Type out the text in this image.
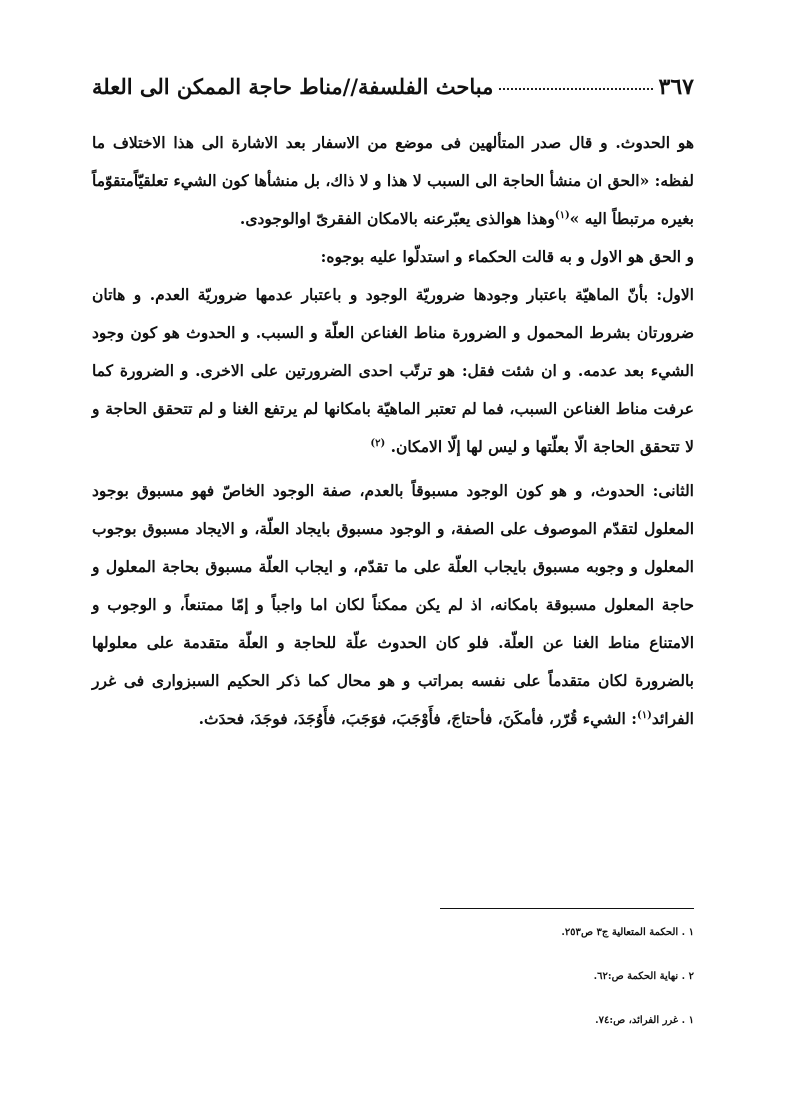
مباحث الفلسفة//مناط حاجة الممكن الى العلة	٣٦٧

هو الحدوث. و قال صدر المتألهين فى موضع من الاسفار بعد الاشارة الى هذا الاختلاف ما لفظه: «الحق ان منشأ الحاجة الى السبب لا هذا و لا ذاك، بل منشأها كون الشيء تعلقيّاًمتقوّماً بغيره مرتبطاً اليه »$^{(١)}$وهذا هوالذى يعبّرعنه بالامكان الفقرىّ اوالوجودى.
و الحق هو الاول و به قالت الحكماء و استدلّوا عليه بوجوه:

الاول: بأنّ الماهيّة باعتبار وجودها ضروريّة الوجود و باعتبار عدمها ضروريّة العدم. و هاتان ضرورتان بشرط المحمول و الضرورة مناط الغناعن العلّة و السبب. و الحدوث هو كون وجود الشيء بعد عدمه. و ان شئت فقل: هو ترتّب احدى الضرورتين على الاخرى. و الضرورة كما عرفت مناط الغناعن السبب، فما لم تعتبر الماهيّة بامكانها لم يرتفع الغنا و لم تتحقق الحاجة و لا تتحقق الحاجة الّا بعلّتها و ليس لها إلّا الامكان. $^{(٢)}$

الثانى: الحدوث، و هو كون الوجود مسبوقاً بالعدم، صفة الوجود الخاصّ فهو مسبوق بوجود المعلول لتقدّم الموصوف على الصفة، و الوجود مسبوق بايجاد العلّة، و الايجاد مسبوق بوجوب المعلول و وجوبه مسبوق بايجاب العلّة على ما تقدّم، و ايجاب العلّة مسبوق بحاجة المعلول و حاجة المعلول مسبوقة بامكانه، اذ لم يكن ممكناً لكان اما واجباً و إمّا ممتنعاً، و الوجوب و الامتناع مناط الغنا عن العلّة. فلو كان الحدوث علّة للحاجة و العلّة متقدمة على معلولها بالضرورة لكان متقدماً على نفسه بمراتب و هو محال كما ذكر الحكيم السبزوارى فى غرر الفرائد$^{(١)}$: الشيء قُرّر، فأمكَنَ، فأحتاجَ، فأَوْجَبَ، فوَجَبَ، فأَوُجَدَ، فوجَدَ، فحدَث.

١ . الحكمة المتعالية ج٣ ص٢٥٣.
٢ . نهاية الحكمة ص:٦٢.
١ . غرر الفرائد، ص:٧٤.
